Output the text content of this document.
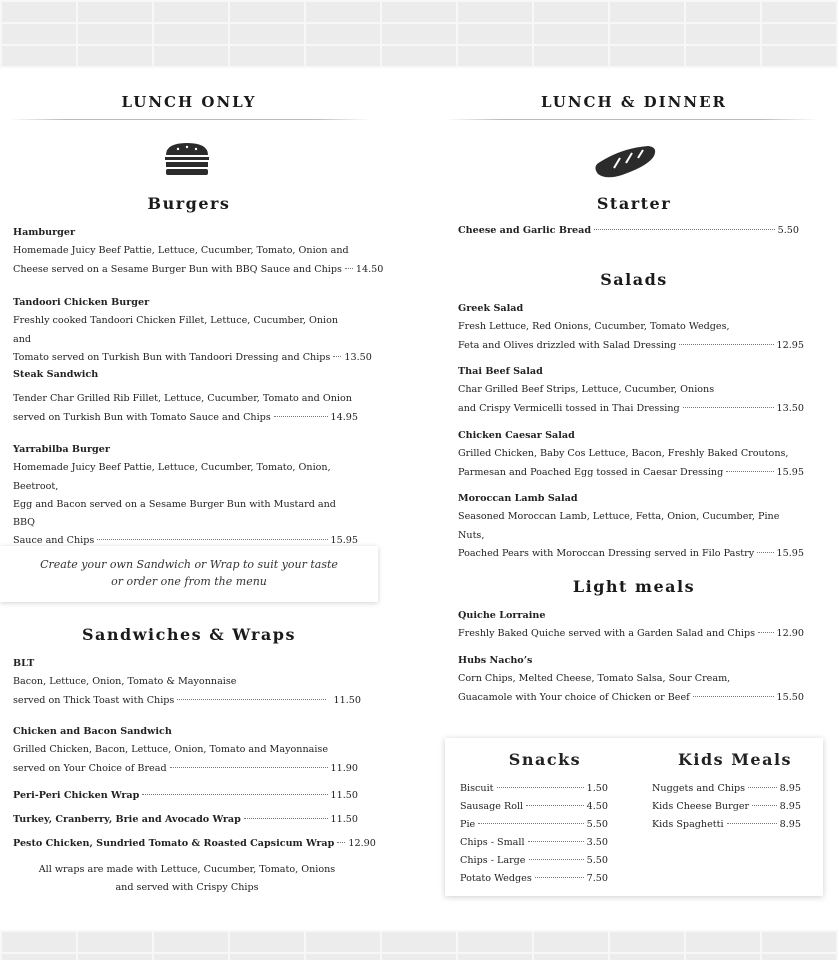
LUNCH ONLY
Burgers
Hamburger
Homemade Juicy Beef Pattie, Lettuce, Cucumber, Tomato, Onion and
Cheese served on a Sesame Burger Bun with BBQ Sauce and Chips 14.50
Tandoori Chicken Burger
Freshly cooked Tandoori Chicken Fillet, Lettuce, Cucumber, Onion and
Tomato served on Turkish Bun with Tandoori Dressing and Chips 13.50
Steak Sandwich
Tender Char Grilled Rib Fillet, Lettuce, Cucumber, Tomato and Onion
served on Turkish Bun with Tomato Sauce and Chips	14.95
Yarrabilba Burger
Homemade Juicy Beef Pattie, Lettuce, Cucumber, Tomato, Onion, Beetroot,
Egg and Bacon served on a Sesame Burger Bun with Mustard and BBQ
Sauce and Chips	15.95
Create your own Sandwich or Wrap to suit your taste
or order one from the menu
Sandwiches & Wraps
BLT
Bacon, Lettuce, Onion, Tomato & Mayonnaise
served on Thick Toast with Chips	11.50
Chicken and Bacon Sandwich
Grilled Chicken, Bacon, Lettuce, Onion, Tomato and Mayonnaise
served on Your Choice of Bread	11.90
Peri-Peri Chicken Wrap	11.50
Turkey, Cranberry, Brie and Avocado Wrap	11.50
Pesto Chicken, Sundried Tomato & Roasted Capsicum Wrap 12.90
All wraps are made with Lettuce, Cucumber, Tomato, Onions
and served with Crispy Chips
LUNCH & DINNER
Starter
Cheese and Garlic Bread	5.50
Salads
Greek Salad
Fresh Lettuce, Red Onions, Cucumber, Tomato Wedges,
Feta and Olives drizzled with Salad Dressing	12.95
Thai Beef Salad
Char Grilled Beef Strips, Lettuce, Cucumber, Onions
and Crispy Vermicelli tossed in Thai Dressing	13.50
Chicken Caesar Salad
Grilled Chicken, Baby Cos Lettuce, Bacon, Freshly Baked Croutons,
Parmesan and Poached Egg tossed in Caesar Dressing	15.95
Moroccan Lamb Salad
Seasoned Moroccan Lamb, Lettuce, Fetta, Onion, Cucumber, Pine Nuts,
Poached Pears with Moroccan Dressing served in Filo Pastry 15.95
Light meals
Quiche Lorraine
Freshly Baked Quiche served with a Garden Salad and Chips 12.90
Hubs Nacho’s
Corn Chips, Melted Cheese, Tomato Salsa, Sour Cream,
Guacamole with Your choice of Chicken or Beef	15.50
Snacks	Kids Meals
Biscuit	1.50
Sausage Roll	4.50
Pie	5.50
Chips - Small	3.50
Chips - Large	5.50
Potato Wedges	7.50
Nuggets and Chips	8.95
Kids Cheese Burger	8.95
Kids Spaghetti	8.95
